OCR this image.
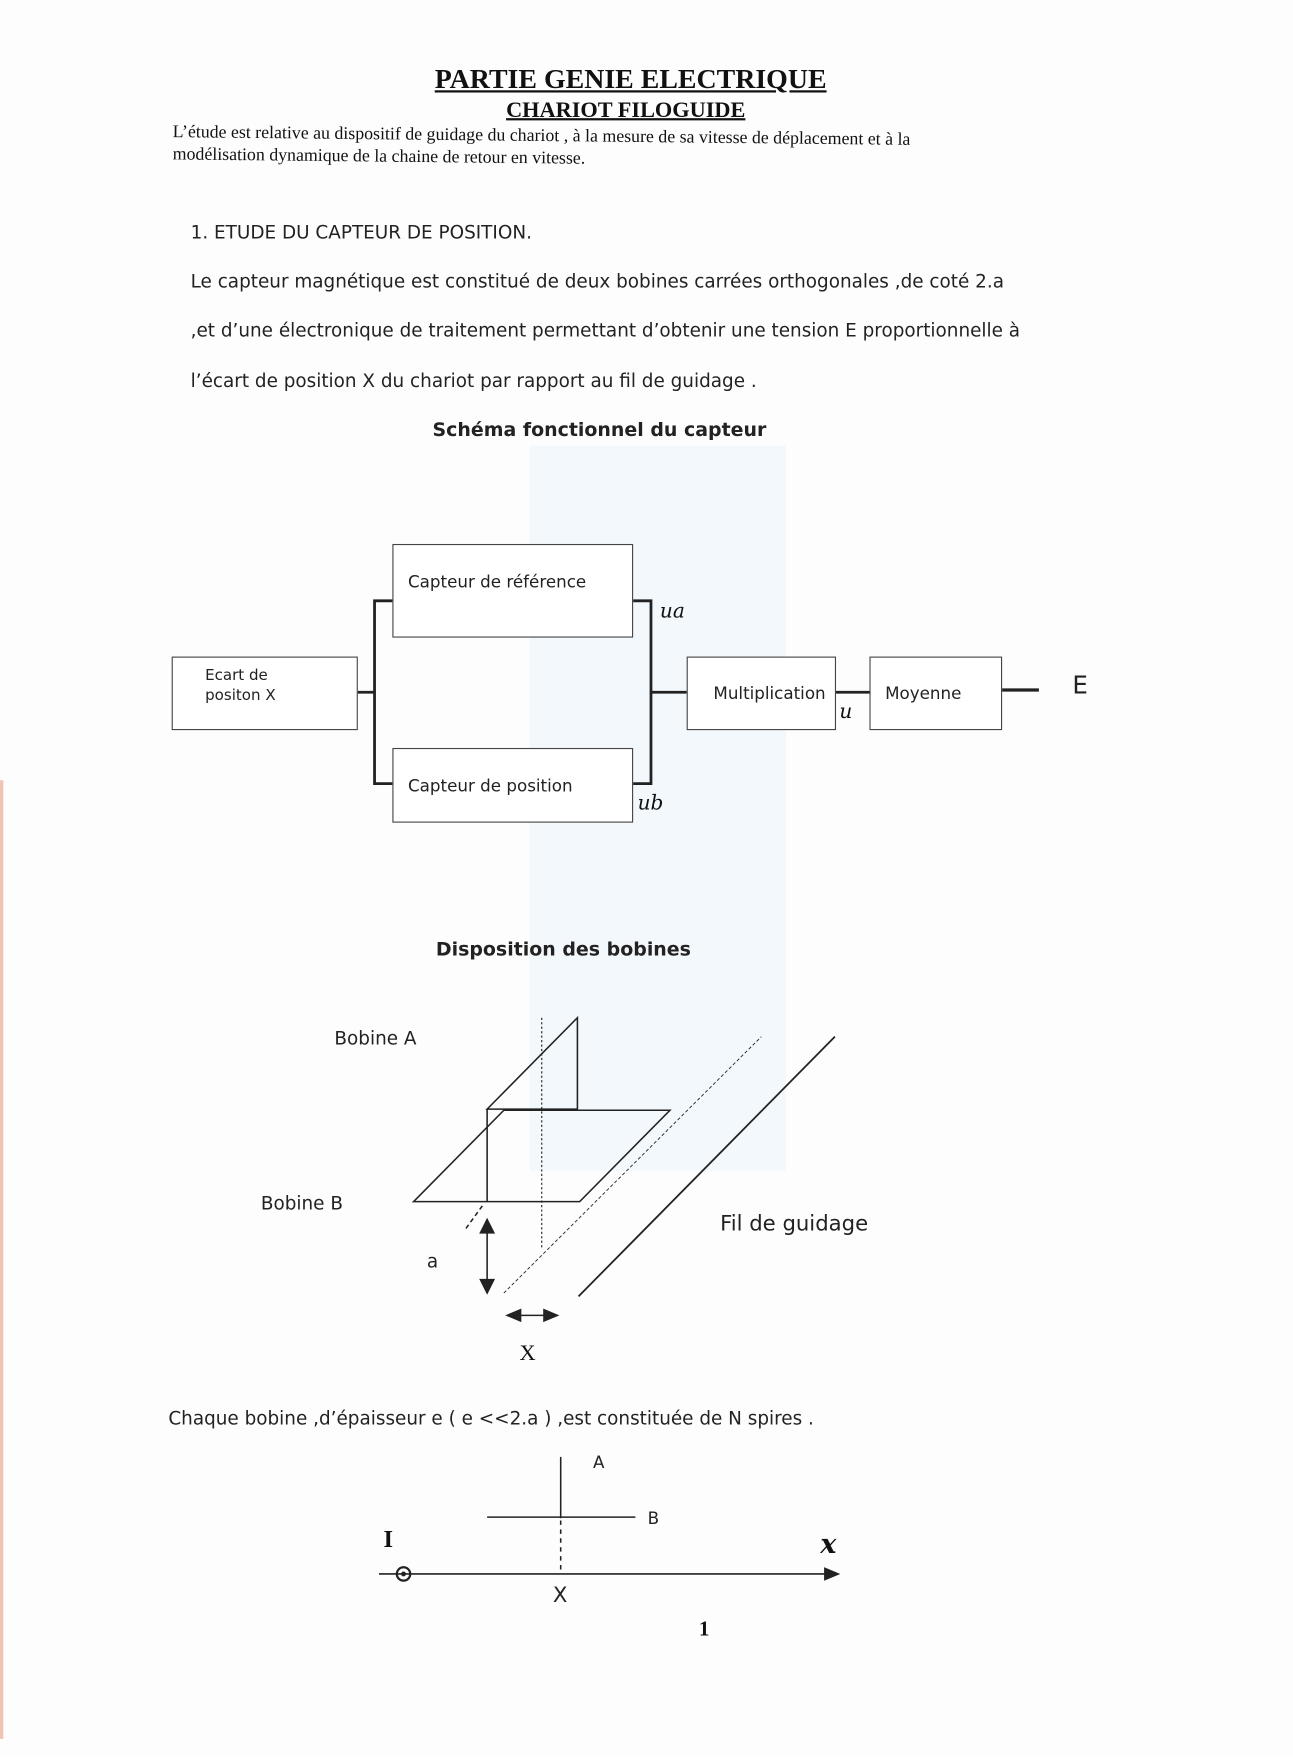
PARTIE GENIE ELECTRIQUE
CHARIOT FILOGUIDE
L’étude est relative au dispositif de guidage du chariot , à la mesure de sa vitesse de déplacement et à la
modélisation dynamique de la chaine de retour en vitesse.
1. ETUDE DU CAPTEUR DE POSITION.
Le capteur magnétique est constitué de deux bobines carrées orthogonales ,de coté 2.a
,et d’une électronique de traitement permettant d’obtenir une tension E proportionnelle à
l’écart de position X du chariot par rapport au fil de guidage .
Schéma fonctionnel du capteur
Ecart de
positon X
Capteur de référence
Capteur de position
Multiplication	Moyenne
ua
ub
u
E
Disposition des bobines
Bobine A
Bobine B
Fil de guidage
a
X
Chaque bobine ,d’épaisseur e ( e <<2.a ) ,est constituée de N spires .
A
B
I	x
X
1
